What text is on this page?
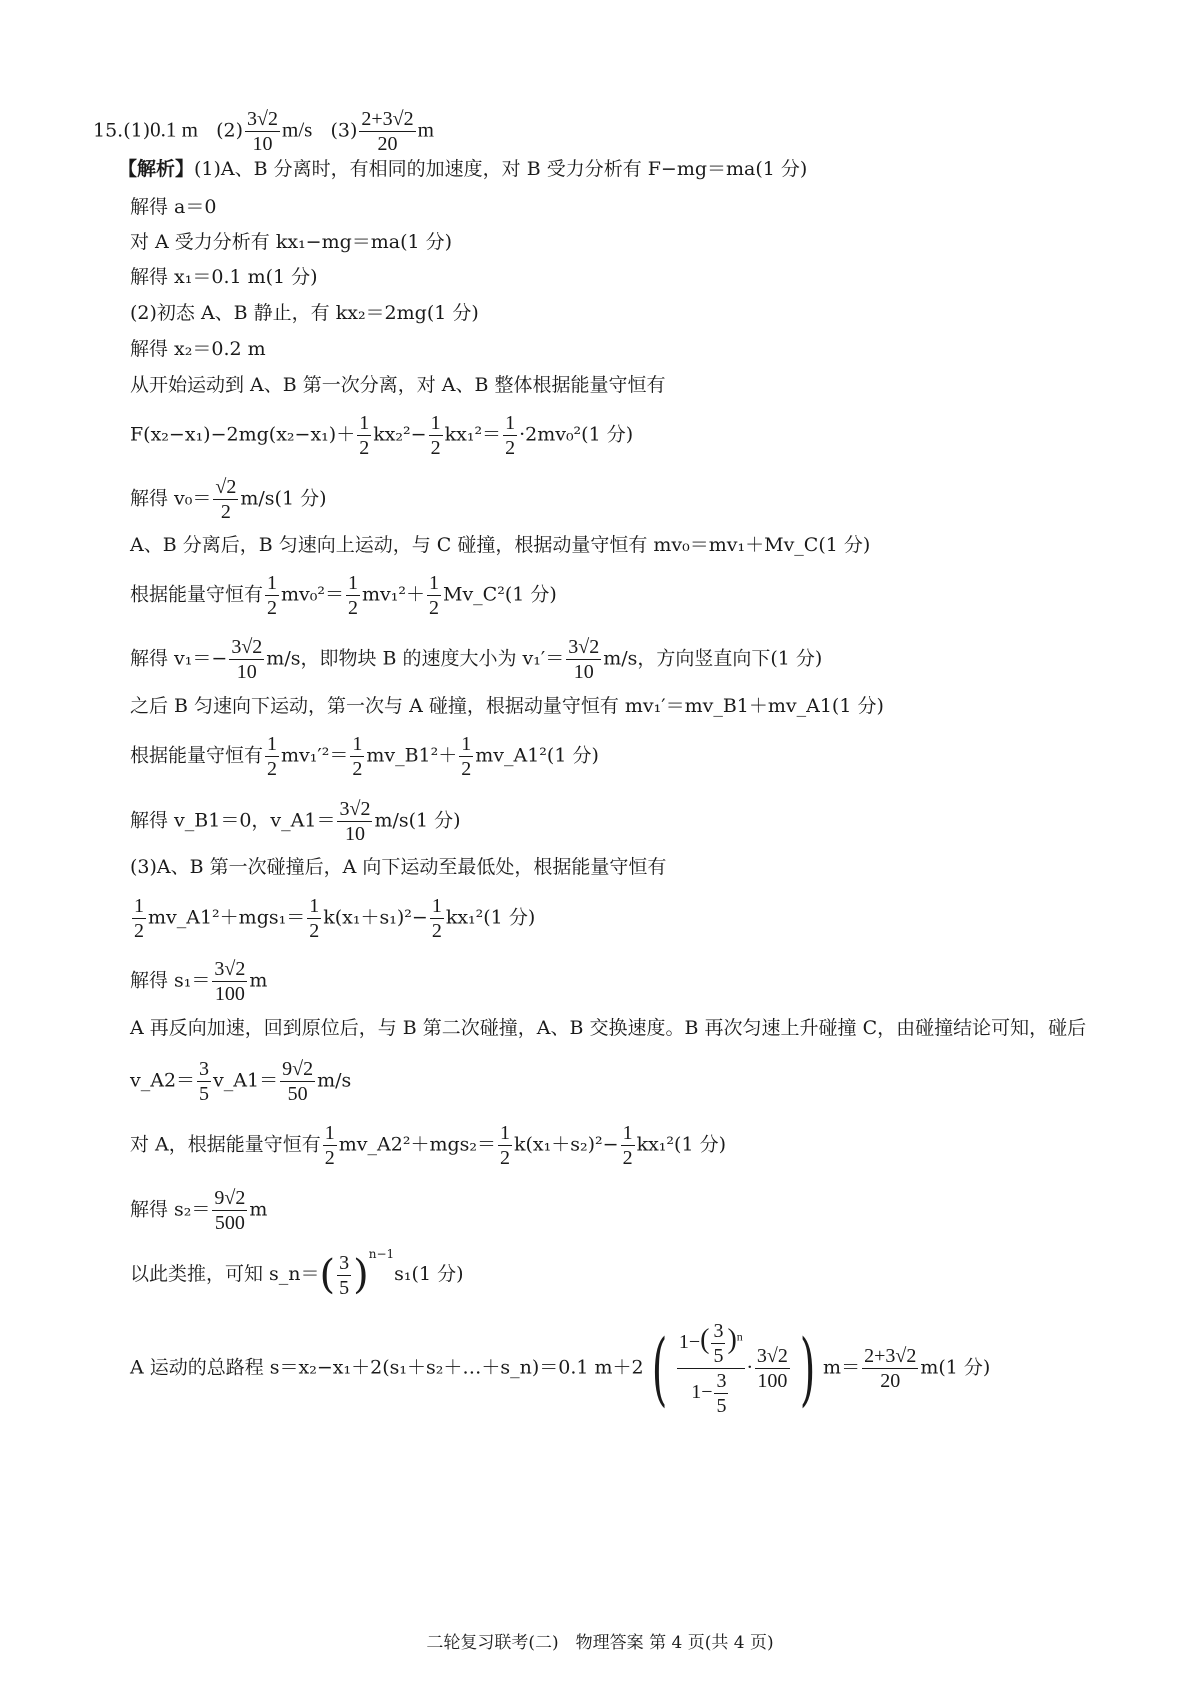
15.(1)0.1 m $(2) \frac{3√2}{10} m/s$ $(3) \frac{2+3√2}{20}$ m
【解析】(1)A、B 分离时，有相同的加速度，对 B 受力分析有 F−mg＝ma(1 分)
解得 a＝0
对 A 受力分析有 kx₁−mg＝ma(1 分)
解得 x₁＝0.1 m(1 分)
(2)初态 A、B 静止，有 kx₂＝2mg(1 分)
解得 x₂＝0.2 m
从开始运动到 A、B 第一次分离，对 A、B 整体根据能量守恒有
$F(x_2-x_1)-2mg(x_2-x_1)+ \frac{1}{2} kx_2^2- \frac{1}{2} kx_1^2= \frac{1}{2} \cdot 2mv_0^2(1$ 分)
解得 $v_0= \frac{√2}{2} m/s(1$ 分)
A、B 分离后，B 匀速向上运动，与 C 碰撞，根据动量守恒有 mv₀＝mv₁＋Mv_C(1 分)
根据能量守恒有 $\frac{1}{2} mv_0^2= \frac{1}{2} mv_1^2+ \frac{1}{2}$ Mv_C²(1 分)
解得 $v_1=- \frac{3√2}{10} m/s$，即物块 B 的速度大小为 $v_1'= \frac{3√2}{10} m/s$，方向竖直向下(1 分)
之后 B 匀速向下运动，第一次与 A 碰撞，根据动量守恒有 mv₁′＝mv_B1＋mv_A1(1 分)
根据能量守恒有 $\frac{1}{2} mv_1'^2= \frac{1}{2}$ mv_B1²＋ $\frac{1}{2}$ mv_A1²(1 分)
解得 v_B1＝0，v_A1＝ $\frac{3√2}{10} m/s(1$ 分)
(3)A、B 第一次碰撞后，A 向下运动至最低处，根据能量守恒有
$\frac{1}{2}$ mv_A1²＋mgs₁＝ $\frac{1}{2} k(x_1+s_1)^2- \frac{1}{2} kx_1^2(1$ 分)
解得 $s_1= \frac{3√2}{100}$ m
A 再反向加速，回到原位后，与 B 第二次碰撞，A、B 交换速度。B 再次匀速上升碰撞 C，由碰撞结论可知，碰后
v_A2＝ $\frac{3}{5}$ v_A1＝ $\frac{9√2}{50} m/s$
对 A，根据能量守恒有 $\frac{1}{2}$ mv_A2²＋mgs₂＝ $\frac{1}{2} k(x_1+s_2)^2- \frac{1}{2} kx_1^2(1$ 分)
解得 $s_2= \frac{9√2}{500}$ m
以此类推，可知 s_n＝( $\frac{3}{5} )^{n-1}s_1(1$ 分)
A 运动的总路程 s＝x₂−x₁＋2(s₁＋s₂＋…＋s_n)＝0.1 $m+2( \frac{1-( \frac{3}{5} )^n}{1- \frac{3}{5}} \cdot \frac{3√2}{100}$ ) $m= \frac{2+3√2}{20} m(1$ 分)
二轮复习联考(二)　物理答案 第 4 页(共 4 页)
